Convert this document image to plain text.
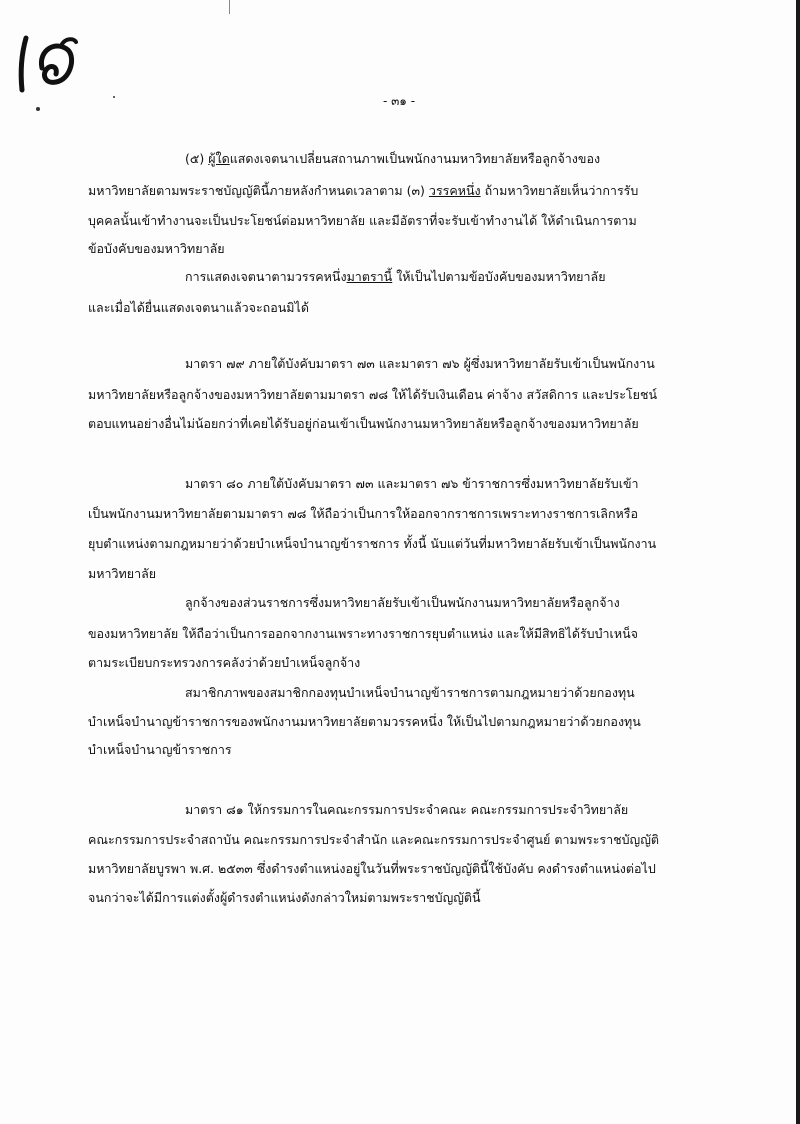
- ๓๑ -
(๕) ผู้ใดแสดงเจตนาเปลี่ยนสถานภาพเป็นพนักงานมหาวิทยาลัยหรือลูกจ้างของ
มหาวิทยาลัยตามพระราชบัญญัตินี้ภายหลังกำหนดเวลาตาม (๓) วรรคหนึ่ง ถ้ามหาวิทยาลัยเห็นว่าการรับ
บุคคลนั้นเข้าทำงานจะเป็นประโยชน์ต่อมหาวิทยาลัย และมีอัตราที่จะรับเข้าทำงานได้ ให้ดำเนินการตาม
ข้อบังคับของมหาวิทยาลัย
การแสดงเจตนาตามวรรคหนึ่งมาตรานี้ ให้เป็นไปตามข้อบังคับของมหาวิทยาลัย
และเมื่อได้ยื่นแสดงเจตนาแล้วจะถอนมิได้
มาตรา ๗๙ ภายใต้บังคับมาตรา ๗๓ และมาตรา ๗๖ ผู้ซึ่งมหาวิทยาลัยรับเข้าเป็นพนักงาน
มหาวิทยาลัยหรือลูกจ้างของมหาวิทยาลัยตามมาตรา ๗๘ ให้ได้รับเงินเดือน ค่าจ้าง สวัสดิการ และประโยชน์
ตอบแทนอย่างอื่นไม่น้อยกว่าที่เคยได้รับอยู่ก่อนเข้าเป็นพนักงานมหาวิทยาลัยหรือลูกจ้างของมหาวิทยาลัย
มาตรา ๘๐ ภายใต้บังคับมาตรา ๗๓ และมาตรา ๗๖ ข้าราชการซึ่งมหาวิทยาลัยรับเข้า
เป็นพนักงานมหาวิทยาลัยตามมาตรา ๗๘ ให้ถือว่าเป็นการให้ออกจากราชการเพราะทางราชการเลิกหรือ
ยุบตำแหน่งตามกฎหมายว่าด้วยบำเหน็จบำนาญข้าราชการ ทั้งนี้ นับแต่วันที่มหาวิทยาลัยรับเข้าเป็นพนักงาน
มหาวิทยาลัย
ลูกจ้างของส่วนราชการซึ่งมหาวิทยาลัยรับเข้าเป็นพนักงานมหาวิทยาลัยหรือลูกจ้าง
ของมหาวิทยาลัย ให้ถือว่าเป็นการออกจากงานเพราะทางราชการยุบตำแหน่ง และให้มีสิทธิได้รับบำเหน็จ
ตามระเบียบกระทรวงการคลังว่าด้วยบำเหน็จลูกจ้าง
สมาชิกภาพของสมาชิกกองทุนบำเหน็จบำนาญข้าราชการตามกฎหมายว่าด้วยกองทุน
บำเหน็จบำนาญข้าราชการของพนักงานมหาวิทยาลัยตามวรรคหนึ่ง ให้เป็นไปตามกฎหมายว่าด้วยกองทุน
บำเหน็จบำนาญข้าราชการ
มาตรา ๘๑ ให้กรรมการในคณะกรรมการประจำคณะ คณะกรรมการประจำวิทยาลัย
คณะกรรมการประจำสถาบัน คณะกรรมการประจำสำนัก และคณะกรรมการประจำศูนย์ ตามพระราชบัญญัติ
มหาวิทยาลัยบูรพา พ.ศ. ๒๕๓๓ ซึ่งดำรงตำแหน่งอยู่ในวันที่พระราชบัญญัตินี้ใช้บังคับ คงดำรงตำแหน่งต่อไป
จนกว่าจะได้มีการแต่งตั้งผู้ดำรงตำแหน่งดังกล่าวใหม่ตามพระราชบัญญัตินี้
